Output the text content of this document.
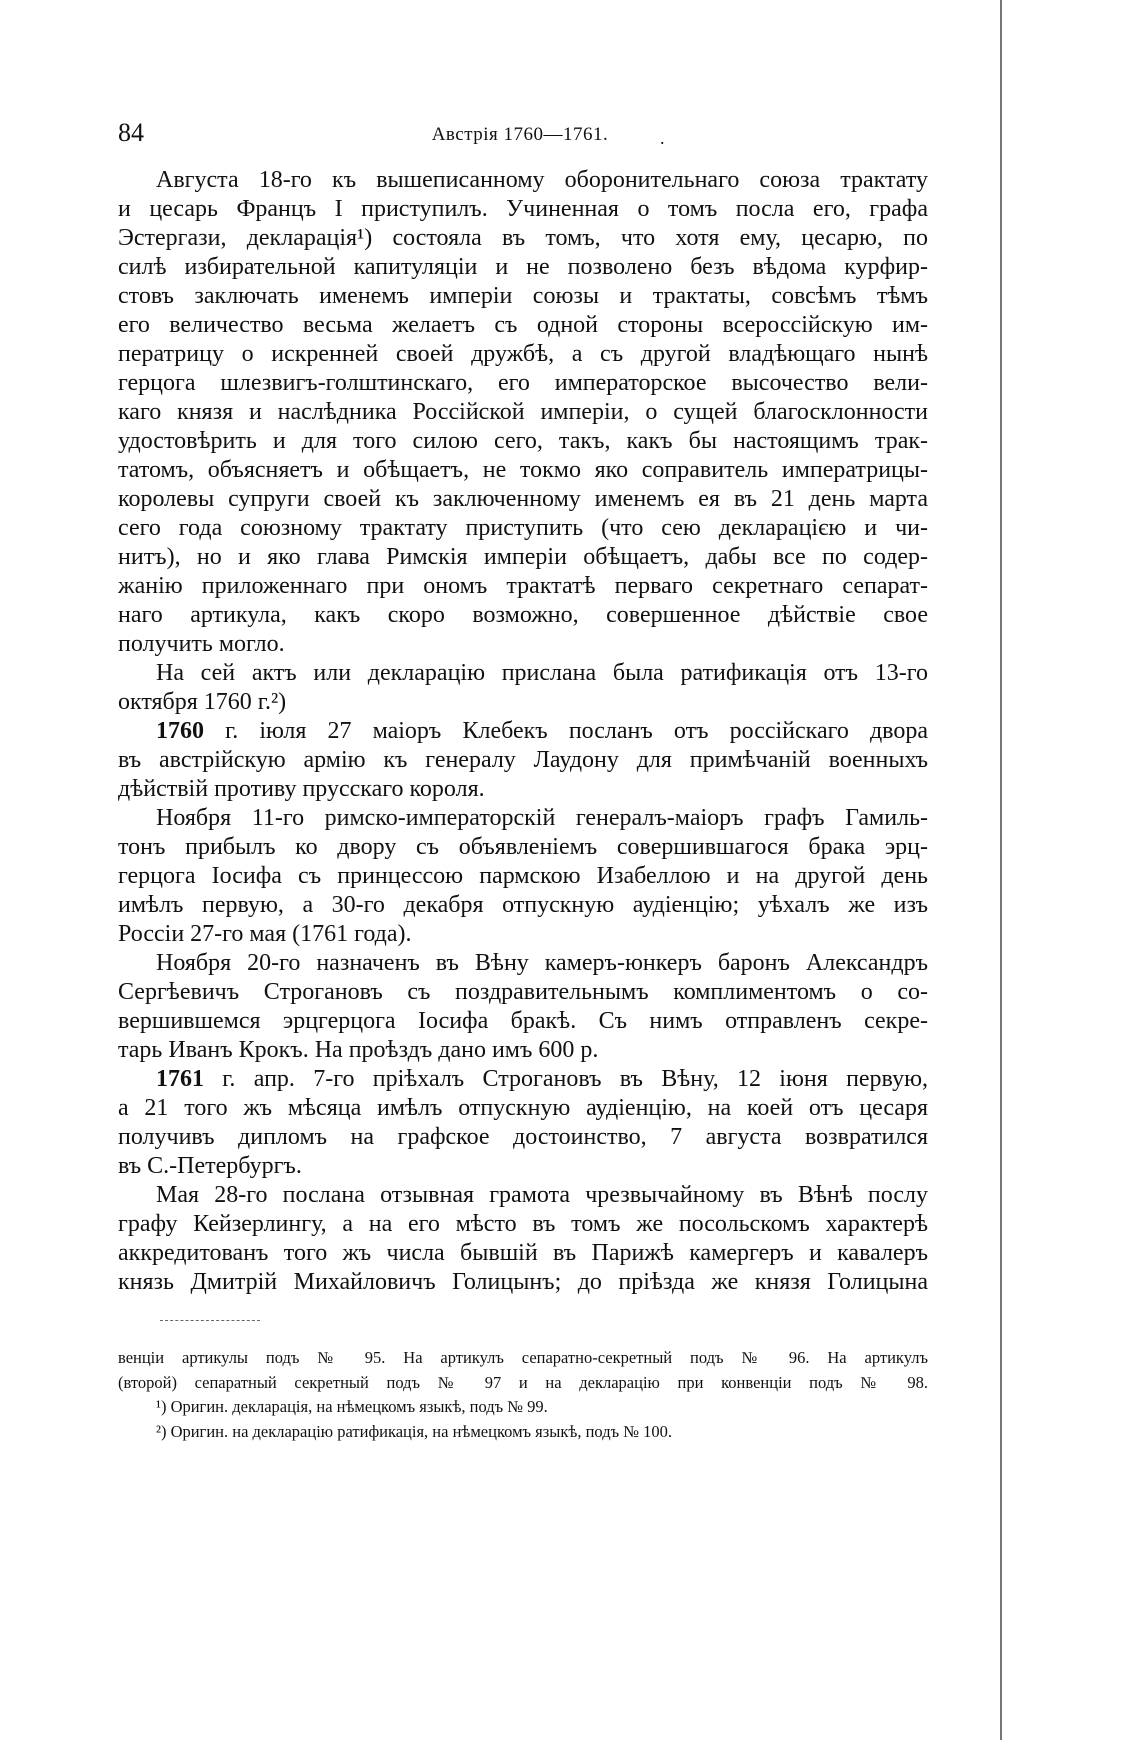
84	Австрія 1760—1761.	.
Августа 18-го къ вышеписанному оборонительнаго союза трактату
и цесарь Францъ I приступилъ. Учиненная о томъ посла его, графа
Эстергази, декларація¹) состояла въ томъ, что хотя ему, цесарю, по
силѣ избирательной капитуляціи и не позволено безъ вѣдома курфир-
стовъ заключать именемъ имперіи союзы и трактаты, совсѣмъ тѣмъ
его величество весьма желаетъ съ одной стороны всероссійскую им-
ператрицу о искренней своей дружбѣ, а съ другой владѣющаго нынѣ
герцога шлезвигъ-голштинскаго, его императорское высочество вели-
каго князя и наслѣдника Россійской имперіи, о сущей благосклонности
удостовѣрить и для того силою сего, такъ, какъ бы настоящимъ трак-
татомъ, объясняетъ и обѣщаетъ, не токмо яко соправитель императрицы-
королевы супруги своей къ заключенному именемъ ея въ 21 день марта
сего года союзному трактату приступить (что сею декларацією и чи-
нитъ), но и яко глава Римскія имперіи обѣщаетъ, дабы все по содер-
жанію приложеннаго при ономъ трактатѣ перваго секретнаго сепарат-
наго артикула, какъ скоро возможно, совершенное дѣйствіе свое
получить могло.
На сей актъ или декларацію прислана была ратификація отъ 13-го
октября 1760 г.²)
1760 г. іюля 27 маіоръ Клебекъ посланъ отъ россійскаго двора
въ австрійскую армію къ генералу Лаудону для примѣчаній военныхъ
дѣйствій противу прусскаго короля.
Ноября 11-го римско-императорскій генералъ-маіоръ графъ Гамиль-
тонъ прибылъ ко двору съ объявленіемъ совершившагося брака эрц-
герцога Іосифа съ принцессою пармскою Изабеллою и на другой день
имѣлъ первую, а 30-го декабря отпускную аудіенцію; уѣхалъ же изъ
Россіи 27-го мая (1761 года).
Ноября 20-го назначенъ въ Вѣну камеръ-юнкеръ баронъ Александръ
Сергѣевичъ Строгановъ съ поздравительнымъ комплиментомъ о со-
вершившемся эрцгерцога Іосифа бракѣ. Съ нимъ отправленъ секре-
тарь Иванъ Крокъ. На проѣздъ дано имъ 600 р.
1761 г. апр. 7-го пріѣхалъ Строгановъ въ Вѣну, 12 іюня первую,
а 21 того жъ мѣсяца имѣлъ отпускную аудіенцію, на коей отъ цесаря
получивъ дипломъ на графское достоинство, 7 августа возвратился
въ С.-Петербургъ.
Мая 28-го послана отзывная грамота чрезвычайному въ Вѣнѣ послу
графу Кейзерлингу, а на его мѣсто въ томъ же посольскомъ характерѣ
аккредитованъ того жъ числа бывшій въ Парижѣ камергеръ и кавалеръ
князь Дмитрій Михайловичъ Голицынъ; до пріѣзда же князя Голицына
венціи артикулы подъ № 95. На артикулъ сепаратно-секретный подъ № 96. На артикулъ
(второй) сепаратный секретный подъ № 97 и на декларацію при конвенціи подъ № 98.
¹) Оригин. декларація, на нѣмецкомъ языкѣ, подъ № 99.
²) Оригин. на декларацію ратификація, на нѣмецкомъ языкѣ, подъ № 100.
